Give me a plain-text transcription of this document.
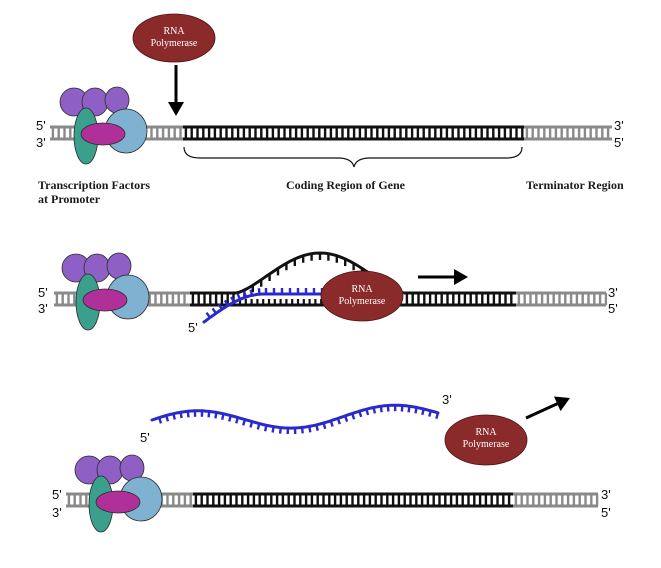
5'
3'
3'
5'
RNA
Polymerase
Transcription Factors
at Promoter
Coding Region of Gene	Terminator Region
5'
3'
3'
5'
5'
RNA
Polymerase
5'
3'
RNA
Polymerase
5'
3'
3'
5'
